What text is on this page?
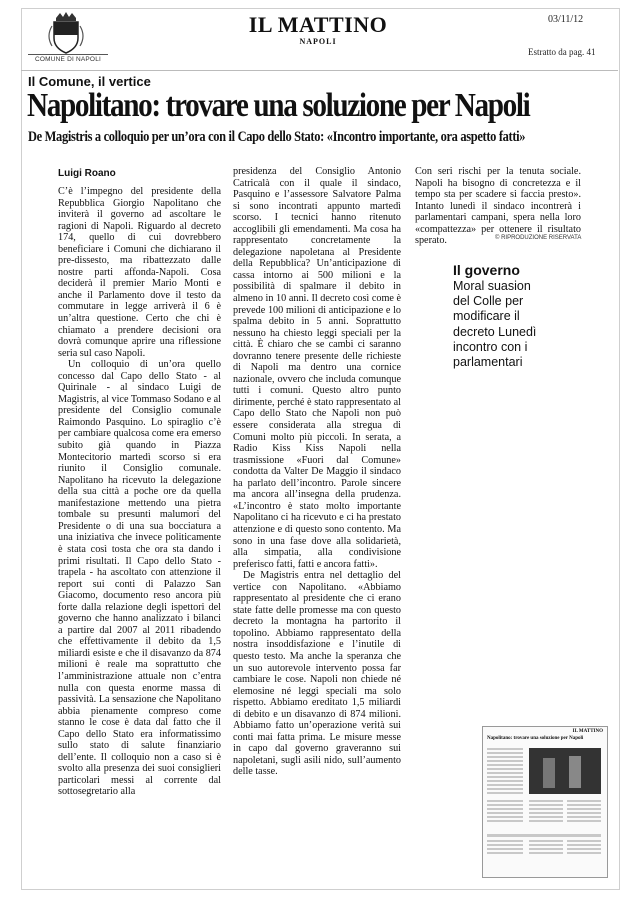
COMUNE DI NAPOLI
IL MATTINO
NAPOLI
03/11/12
Estratto da pag. 41
Il Comune, il vertice
Napolitano: trovare una soluzione per Napoli
De Magistris a colloquio per un’ora con il Capo dello Stato: «Incontro importante, ora aspetto fatti»
Luigi Roano

C’è l’impegno del presidente della Repubblica Giorgio Napolitano che inviterà il governo ad ascoltare le ragioni di Napoli. Riguardo al decreto 174, quello di cui dovrebbero beneficiare i Comuni che dichiarano il pre-dissesto, ma ribattezzato dalle nostre parti affonda-Napoli. Cosa deciderà il premier Mario Monti e anche il Parlamento dove il testo da commutare in legge arriverà il 6 è un’altra questione. Certo che chi è chiamato a prendere decisioni ora dovrà comunque aprire una riflessione seria sul caso Napoli.

Un colloquio di un’ora quello concesso dal Capo dello Stato - al Quirinale - al sindaco Luigi de Magistris, al vice Tommaso Sodano e al presidente del Consiglio comunale Raimondo Pasquino. Lo spiraglio c’è per cambiare qualcosa come era emerso subito già quando in Piazza Montecitorio martedì scorso si era riunito il Consiglio comunale. Napolitano ha ricevuto la delegazione della sua città a poche ore da quella manifestazione mettendo una pietra tombale su presunti malumori del Presidente o di una sua bocciatura a una iniziativa che invece politicamente è stata così tosta che ora sta dando i primi risultati. Il Capo dello Stato - trapela - ha ascoltato con attenzione il report sui conti di Palazzo San Giacomo, documento reso ancora più forte dalla relazione degli ispettori del governo che hanno analizzato i bilanci a partire dal 2007 al 2011 ribadendo che effettivamente il debito da 1,5 miliardi esiste e che il disavanzo da 874 milioni è reale ma soprattutto che l’amministrazione attuale non c’entra nulla con questa enorme massa di passività. La sensazione che Napolitano abbia pienamente compreso come stanno le cose è data dal fatto che il Capo dello Stato era informatissimo sullo stato di salute finanziario dell’ente. Il colloquio non a caso si è svolto alla presenza dei suoi consiglieri particolari messi al corrente dal sottosegretario alla

presidenza del Consiglio Antonio Catricalà con il quale il sindaco, Pasquino e l’assessore Salvatore Palma si sono incontrati appunto martedì scorso. I tecnici hanno ritenuto accoglibili gli emendamenti. Ma cosa ha rappresentato concretamente la delegazione napoletana al Presidente della Repubblica? Un’anticipazione di cassa intorno ai 500 milioni e la possibilità di spalmare il debito in almeno in 10 anni. Il decreto così come è prevede 100 milioni di anticipazione e lo spalma debito in 5 anni. Soprattutto nessuno ha chiesto leggi speciali per la città. È chiaro che se cambi ci saranno dovranno tenere presente delle richieste di Napoli ma dentro una cornice nazionale, ovvero che includa comunque tutti i comuni. Questo altro punto dirimente, perché è stato rappresentato al Capo dello Stato che Napoli non può essere considerata alla stregua di Comuni molto più piccoli. In serata, a Radio Kiss Kiss Napoli nella trasmissione «Fuori dal Comune» condotta da Valter De Maggio il sindaco ha parlato dell’incontro. Parole sincere ma ancora all’insegna della prudenza. «L’incontro è stato molto importante Napolitano ci ha ricevuto e ci ha prestato attenzione e di questo sono contento. Ma sono in una fase dove alla solidarietà, alla simpatia, alla condivisione preferisco fatti, fatti e ancora fatti».

De Magistris entra nel dettaglio del vertice con Napolitano. «Abbiamo rappresentato al presidente che ci erano state fatte delle promesse ma con questo decreto la montagna ha partorito il topolino. Abbiamo rappresentato della nostra insoddisfazione e l’inutile di questo testo. Ma anche la speranza che un suo autorevole intervento possa far cambiare le cose. Napoli non chiede né elemosine né leggi speciali ma solo rispetto. Abbiamo ereditato 1,5 miliardi di debito e un disavanzo di 874 milioni. Abbiamo fatto un’operazione verità sui conti mai fatta prima. Le misure messe in capo dal governo graveranno sui napoletani, sugli asili nido, sull’aumento delle tasse.

Con seri rischi per la tenuta sociale. Napoli ha bisogno di concretezza e il tempo sta per scadere si faccia presto». Intanto lunedì il sindaco incontrerà i parlamentari campani, spera nella loro «compattezza» per ottenere il risultato sperato.	© RIPRODUZIONE RISERVATA
Il governo
Moral suasion del Colle per modificare il decreto Lunedì incontro con i parlamentari
IL MATTINO
Napolitano: trovare una soluzione per Napoli
